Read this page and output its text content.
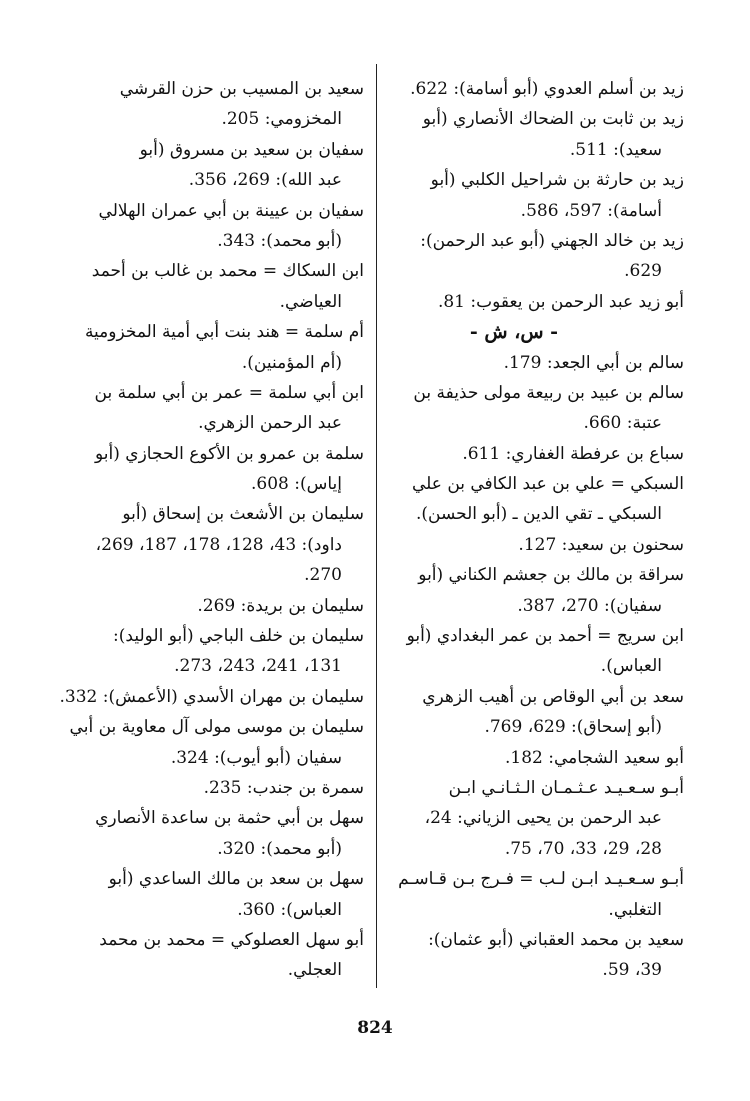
زيد بن أسلم العدوي (أبو أسامة): 622.
زيد بن ثابت بن الضحاك الأنصاري (أبو
سعيد): 511.
زيد بن حارثة بن شراحيل الكلبي (أبو
أسامة): 597، 586.
زيد بن خالد الجهني (أبو عبد الرحمن):
629.
أبو زيد عبد الرحمن بن يعقوب: 81.
- س، ش -
سالم بن أبي الجعد: 179.
سالم بن عبيد بن ربيعة مولى حذيفة بن
عتبة: 660.
سباع بن عرفطة الغفاري: 611.
السبكي = علي بن عبد الكافي بن علي
السبكي ـ تقي الدين ـ (أبو الحسن).
سحنون بن سعيد: 127.
سراقة بن مالك بن جعشم الكناني (أبو
سفيان): 270، 387.
ابن سريج = أحمد بن عمر البغدادي (أبو
العباس).
سعد بن أبي الوقاص بن أهيب الزهري
(أبو إسحاق): 629، 769.
أبو سعيد الشجامي: 182.
أبـو سـعـيـد عـثـمـان الـثـانـي ابـن
عبد الرحمن بن يحيى الزياني: 24،
28، 29، 33، 70، 75.
أبـو سـعـيـد ابـن لـب = فـرج بـن قـاسـم
التغلبي.
سعيد بن محمد العقباني (أبو عثمان):
39، 59.
سعيد بن المسيب بن حزن القرشي
المخزومي: 205.
سفيان بن سعيد بن مسروق (أبو
عبد الله): 269، 356.
سفيان بن عيينة بن أبي عمران الهلالي
(أبو محمد): 343.
ابن السكاك = محمد بن غالب بن أحمد
العياضي.
أم سلمة = هند بنت أبي أمية المخزومية
(أم المؤمنين).
ابن أبي سلمة = عمر بن أبي سلمة بن
عبد الرحمن الزهري.
سلمة بن عمرو بن الأكوع الحجازي (أبو
إياس): 608.
سليمان بن الأشعث بن إسحاق (أبو
داود): 43، 128، 178، 187، 269،
270.
سليمان بن بريدة: 269.
سليمان بن خلف الباجي (أبو الوليد):
131، 241، 243، 273.
سليمان بن مهران الأسدي (الأعمش): 332.
سليمان بن موسى مولى آل معاوية بن أبي
سفيان (أبو أيوب): 324.
سمرة بن جندب: 235.
سهل بن أبي حثمة بن ساعدة الأنصاري
(أبو محمد): 320.
سهل بن سعد بن مالك الساعدي (أبو
العباس): 360.
أبو سهل العصلوكي = محمد بن محمد
العجلي.
824
